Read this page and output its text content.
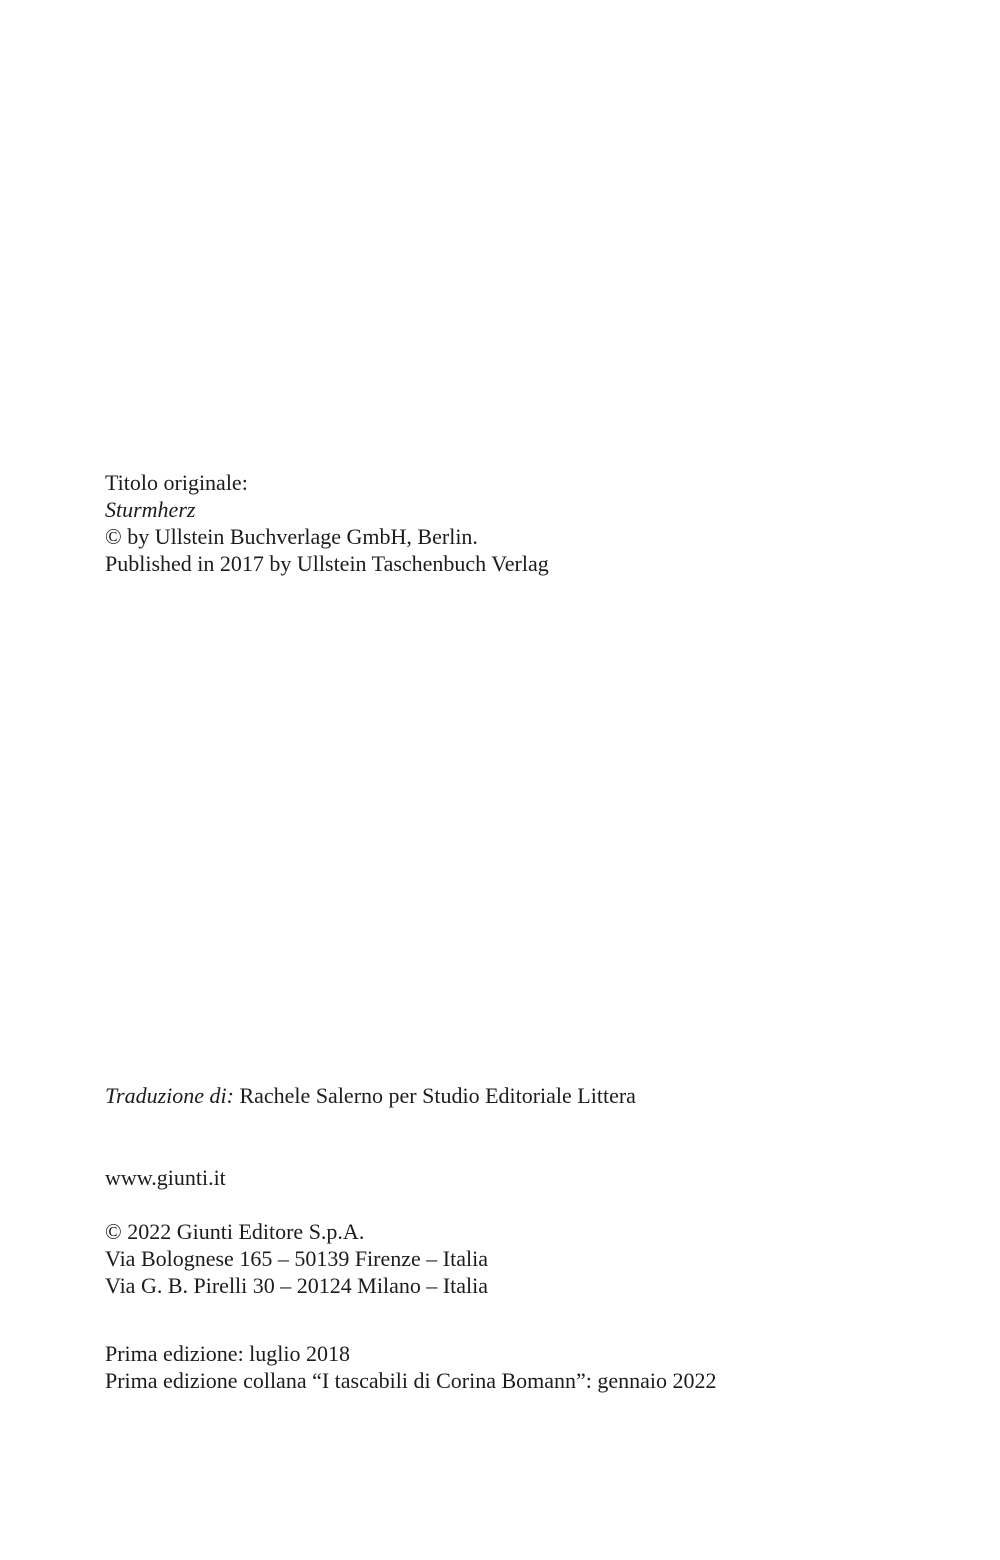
Titolo originale:
Sturmherz
© by Ullstein Buchverlage GmbH, Berlin.
Published in 2017 by Ullstein Taschenbuch Verlag
Traduzione di: Rachele Salerno per Studio Editoriale Littera
www.giunti.it
© 2022 Giunti Editore S.p.A.
Via Bolognese 165 – 50139 Firenze – Italia
Via G. B. Pirelli 30 – 20124 Milano – Italia
Prima edizione: luglio 2018
Prima edizione collana “I tascabili di Corina Bomann”: gennaio 2022
